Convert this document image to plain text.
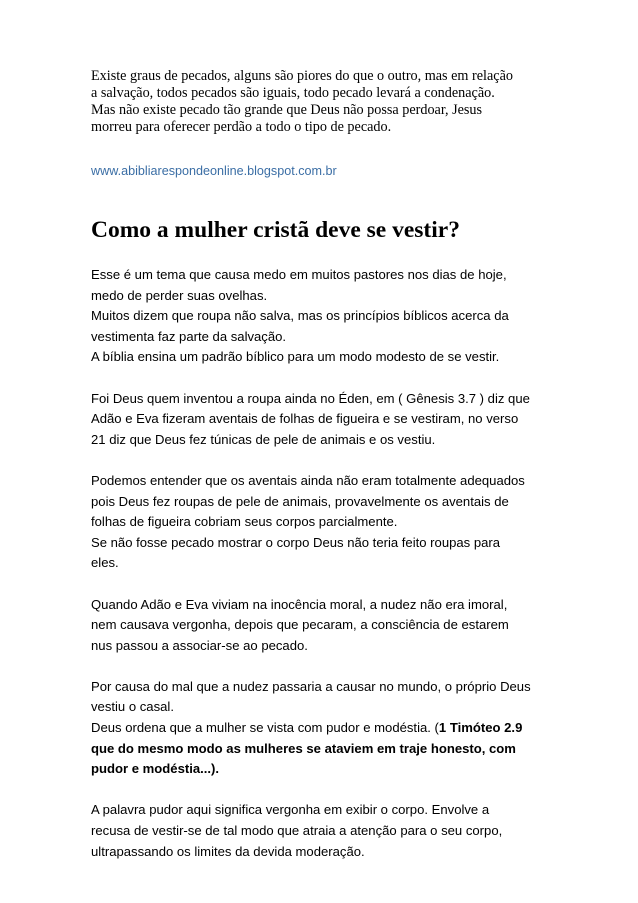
Existe graus de pecados, alguns são piores do que o outro, mas em relação

a salvação, todos pecados são iguais, todo pecado levará a condenação.

Mas não existe pecado tão grande que Deus não possa perdoar, Jesus

morreu para oferecer perdão a todo o tipo de pecado.

www.abibliarespondeonline.blogspot.com.br

Como a mulher cristã deve se vestir?
Esse é um tema que causa medo em muitos pastores nos dias de hoje,
medo de perder suas ovelhas.
Muitos dizem que roupa não salva, mas os princípios bíblicos acerca da
vestimenta faz parte da salvação.
A bíblia ensina um padrão bíblico para um modo modesto de se vestir.
Foi Deus quem inventou a roupa ainda no Éden, em ( Gênesis 3.7 ) diz que
Adão e Eva fizeram aventais de folhas de figueira e se vestiram, no verso
21 diz que Deus fez túnicas de pele de animais e os vestiu.
Podemos entender que os aventais ainda não eram totalmente adequados
pois Deus fez roupas de pele de animais, provavelmente os aventais de
folhas de figueira cobriam seus corpos parcialmente.
Se não fosse pecado mostrar o corpo Deus não teria feito roupas para
eles.
Quando Adão e Eva viviam na inocência moral, a nudez não era imoral,
nem causava vergonha, depois que pecaram, a consciência de estarem
nus passou a associar-se ao pecado.
Por causa do mal que a nudez passaria a causar no mundo, o próprio Deus
vestiu o casal.
Deus ordena que a mulher se vista com pudor e modéstia. (1 Timóteo 2.9
que do mesmo modo as mulheres se ataviem em traje honesto, com
pudor e modéstia...).
A palavra pudor aqui significa vergonha em exibir o corpo. Envolve a
recusa de vestir-se de tal modo que atraia a atenção para o seu corpo,
ultrapassando os limites da devida moderação.
